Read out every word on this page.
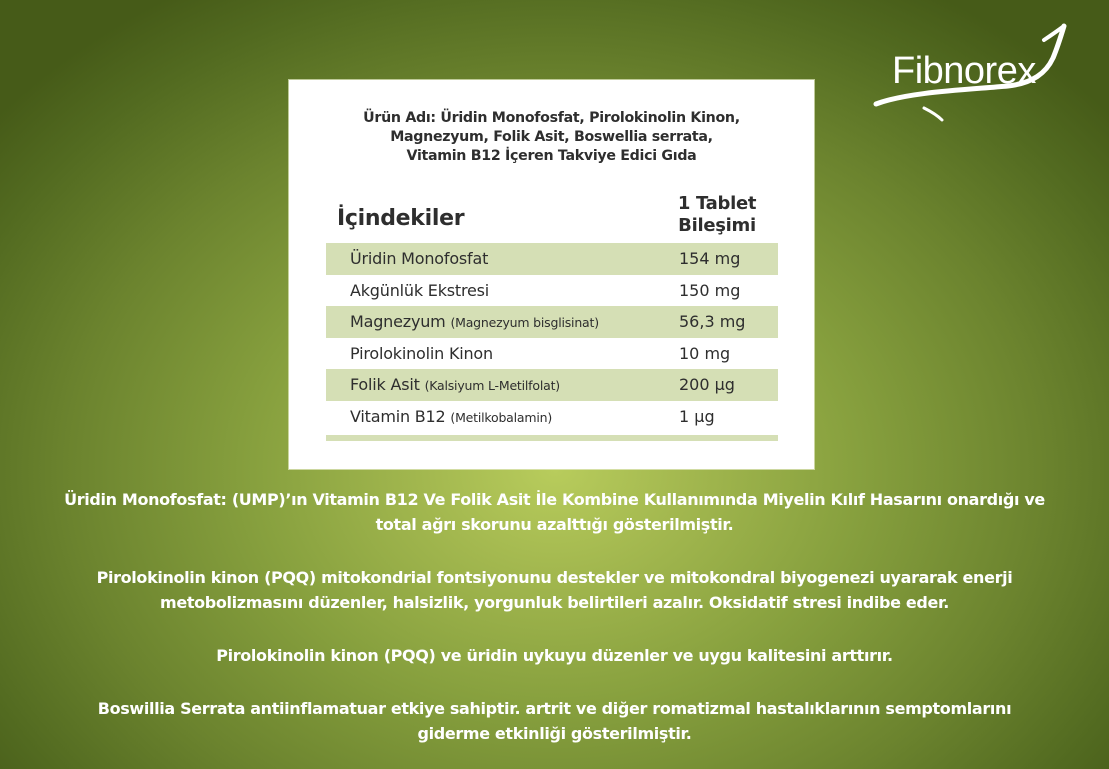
Fibnorex
Ürün Adı: Üridin Monofosfat, Pirolokinolin Kinon,
Magnezyum, Folik Asit, Boswellia serrata,
Vitamin B12 İçeren Takviye Edici Gıda
İçindekiler
1 Tablet
Bileşimi
Üridin Monofosfat	154 mg
Akgünlük Ekstresi	150 mg
Magnezyum (Magnezyum bisglisinat)	56,3 mg
Pirolokinolin Kinon	10 mg
Folik Asit (Kalsiyum L-Metilfolat)	200 µg
Vitamin B12 (Metilkobalamin)	1 µg
Üridin Monofosfat: (UMP)’ın Vitamin B12 Ve Folik Asit İle Kombine Kullanımında Miyelin Kılıf Hasarını onardığı ve
total ağrı skorunu azalttığı gösterilmiştir.
Pirolokinolin kinon (PQQ) mitokondrial fontsiyonunu destekler ve mitokondral biyogenezi uyararak enerji
metobolizmasını düzenler, halsizlik, yorgunluk belirtileri azalır. Oksidatif stresi indibe eder.
Pirolokinolin kinon (PQQ) ve üridin uykuyu düzenler ve uygu kalitesini arttırır.
Boswillia Serrata antiinflamatuar etkiye sahiptir. artrit ve diğer romatizmal hastalıklarının semptomlarını
giderme etkinliği gösterilmiştir.
